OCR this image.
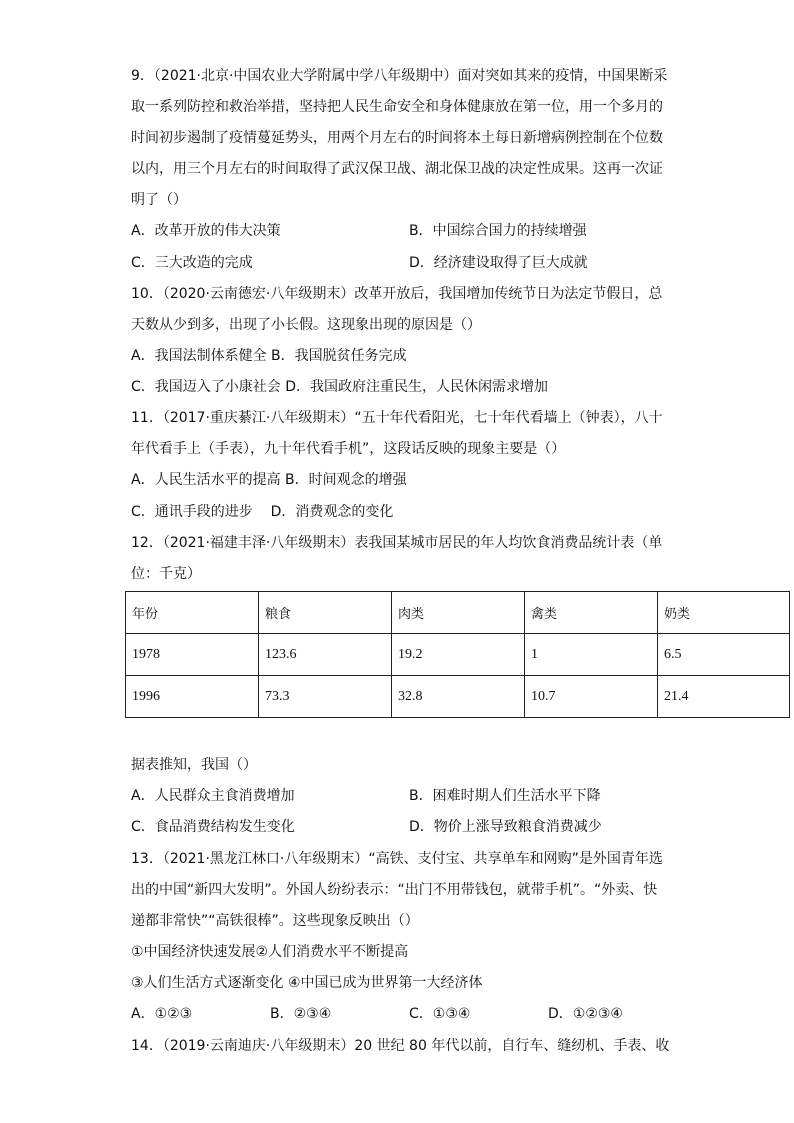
9．（2021·北京·中国农业大学附属中学八年级期中）面对突如其来的疫情，中国果断采
取一系列防控和救治举措，坚持把人民生命安全和身体健康放在第一位，用一个多月的
时间初步遏制了疫情蔓延势头，用两个月左右的时间将本土每日新增病例控制在个位数
以内，用三个月左右的时间取得了武汉保卫战、湖北保卫战的决定性成果。这再一次证
明了（）
A．改革开放的伟大决策	B．中国综合国力的持续增强
C．三大改造的完成	D．经济建设取得了巨大成就
10．（2020·云南德宏·八年级期末）改革开放后，我国增加传统节日为法定节假日，总
天数从少到多，出现了小长假。这现象出现的原因是（）
A．我国法制体系健全 B．我国脱贫任务完成
C．我国迈入了小康社会 D．我国政府注重民生，人民休闲需求增加
11．（2017·重庆綦江·八年级期末）“五十年代看阳光，七十年代看墙上（钟表），八十
年代看手上（手表），九十年代看手机”，这段话反映的现象主要是（）
A．人民生活水平的提高 B．时间观念的增强
C．通讯手段的进步    D．消费观念的变化
12．（2021·福建丰泽·八年级期末）表我国某城市居民的年人均饮食消费品统计表（单
位：千克）
年份	粮食	肉类	禽类	奶类
1978	123.6	19.2	1	6.5
1996	73.3	32.8	10.7	21.4
据表推知，我国（）
A．人民群众主食消费增加	B．困难时期人们生活水平下降
C．食品消费结构发生变化	D．物价上涨导致粮食消费减少
13．（2021·黑龙江林口·八年级期末）“高铁、支付宝、共享单车和网购”是外国青年选
出的中国“新四大发明”。外国人纷纷表示：“出门不用带钱包，就带手机”。“外卖、快
递都非常快”“高铁很棒”。这些现象反映出（）
①中国经济快速发展②人们消费水平不断提高
③人们生活方式逐渐变化 ④中国已成为世界第一大经济体
A．①②③	B．②③④	C．①③④	D．①②③④
14．（2019·云南迪庆·八年级期末）20 世纪 80 年代以前，自行车、缝纫机、手表、收
